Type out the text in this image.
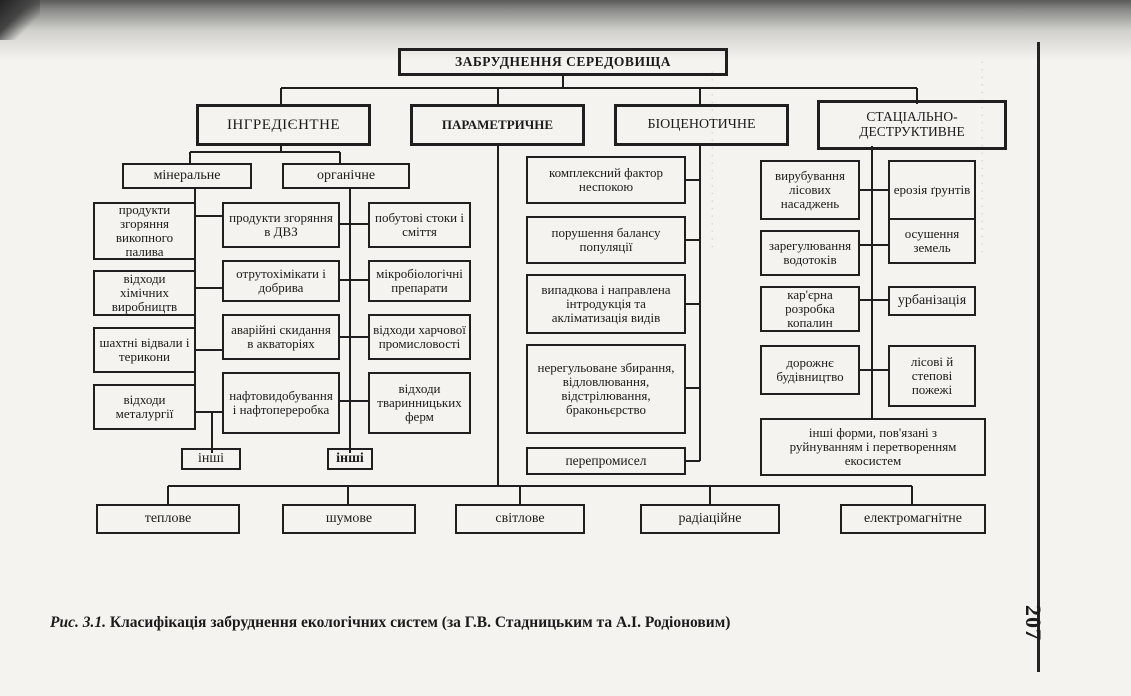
· · · · · · · · · · · · · · · · · · · · · · · ·	· · · · · · · · · · · · · · · · · · · · · · · · · ·
ЗАБРУДНЕННЯ СЕРЕДОВИЩА
ІНГРЕДІЄНТНЕ	ПАРАМЕТРИЧНЕ	БІОЦЕНОТИЧНЕ
СТАЦІАЛЬНО-ДЕСТРУКТИВНЕ
мінеральне	органічне
продукти згоряння викопного палива
відходи хімічних виробництв
шахтні відвали і терикони
відходи металургії
продукти згоряння в ДВЗ
отрутохімікати і добрива
аварійні скидання в акваторіях
нафтовидобування і нафтопереробка
побутові стоки і сміття
мікробіологічні препарати
відходи харчової промисловості
відходи тваринницьких ферм
інші	інші
комплексний фактор неспокою
порушення балансу популяції
випадкова і направлена інтродукція та акліматизація видів
нерегульоване збирання, відловлювання, відстрілювання, браконьєрство
перепромисел
вирубування лісових насаджень
зарегулювання водотоків
кар'єрна розробка копалин
дорожнє будівництво
ерозія ґрунтів
осушення земель
урбанізація
лісові й степові пожежі
інші форми, пов'язані з руйнуванням і перетворенням екосистем
теплове	шумове	світлове	радіаційне	електромагнітне
Рис. 3.1. Класифікація забруднення екологічних систем (за Г.В. Стадницьким та А.І. Родіоновим)	207
